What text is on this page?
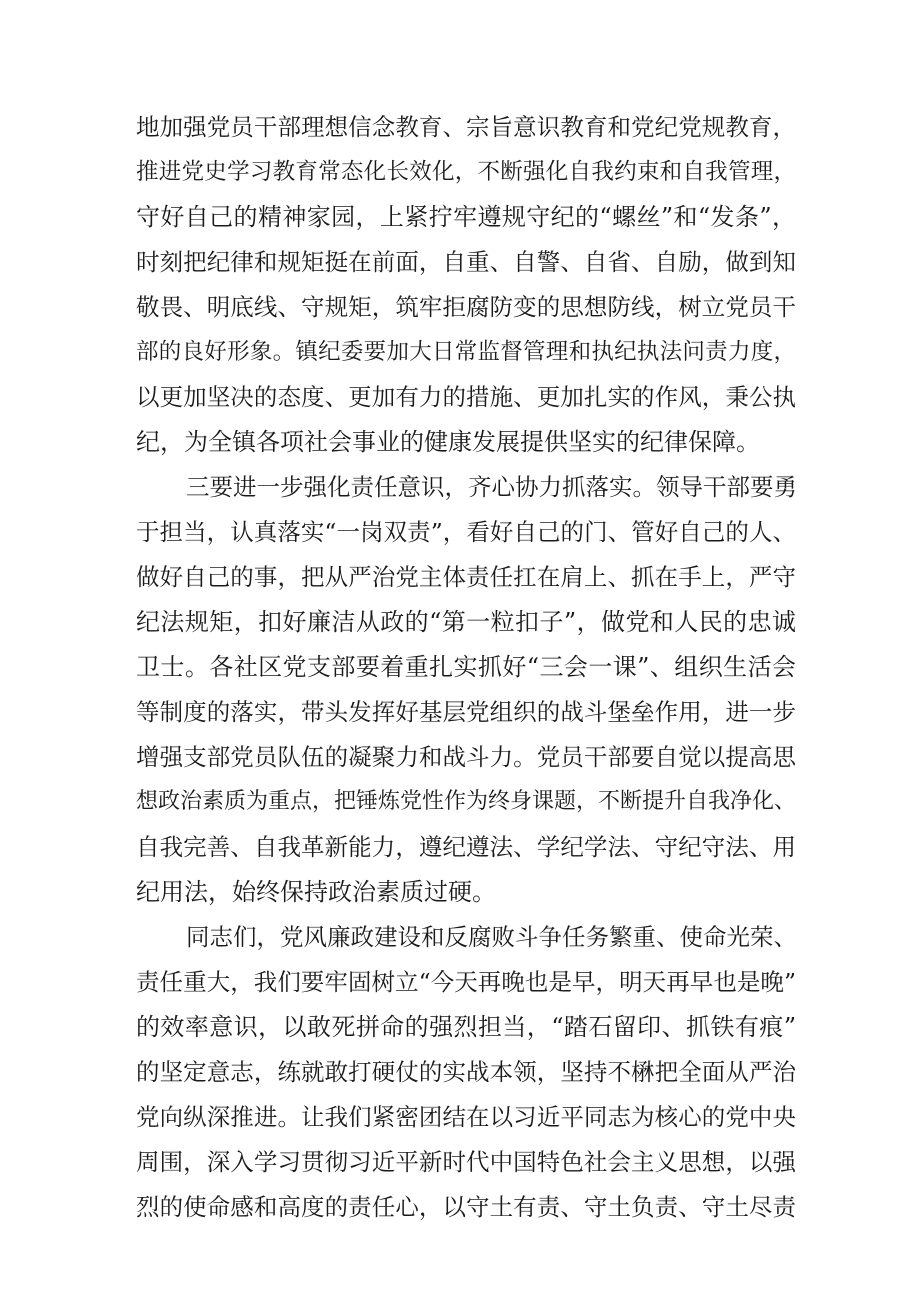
地加强党员干部理想信念教育、宗旨意识教育和党纪党规教育，
推进党史学习教育常态化长效化，不断强化自我约束和自我管理，
守好自己的精神家园，上紧拧牢遵规守纪的“螺丝”和“发条”，
时刻把纪律和规矩挺在前面，自重、自警、自省、自励，做到知
敬畏、明底线、守规矩，筑牢拒腐防变的思想防线，树立党员干
部的良好形象。镇纪委要加大日常监督管理和执纪执法问责力度，
以更加坚决的态度、更加有力的措施、更加扎实的作风，秉公执
纪，为全镇各项社会事业的健康发展提供坚实的纪律保障。
三要进一步强化责任意识，齐心协力抓落实。领导干部要勇
于担当，认真落实“一岗双责”，看好自己的门、管好自己的人、
做好自己的事，把从严治党主体责任扛在肩上、抓在手上，严守
纪法规矩，扣好廉洁从政的“第一粒扣子”，做党和人民的忠诚
卫士。各社区党支部要着重扎实抓好“三会一课”、组织生活会
等制度的落实，带头发挥好基层党组织的战斗堡垒作用，进一步
增强支部党员队伍的凝聚力和战斗力。党员干部要自觉以提高思
想政治素质为重点，把锤炼党性作为终身课题，不断提升自我净化、
自我完善、自我革新能力，遵纪遵法、学纪学法、守纪守法、用
纪用法，始终保持政治素质过硬。
同志们，党风廉政建设和反腐败斗争任务繁重、使命光荣、
责任重大，我们要牢固树立“今天再晚也是早，明天再早也是晚”
的效率意识，以敢死拼命的强烈担当，“踏石留印、抓铁有痕”
的坚定意志，练就敢打硬仗的实战本领，坚持不楙把全面从严治
党向纵深推进。让我们紧密团结在以习近平同志为核心的党中央
周围，深入学习贯彻习近平新时代中国特色社会主义思想，以强
烈的使命感和高度的责任心，以守土有责、守土负责、守土尽责
